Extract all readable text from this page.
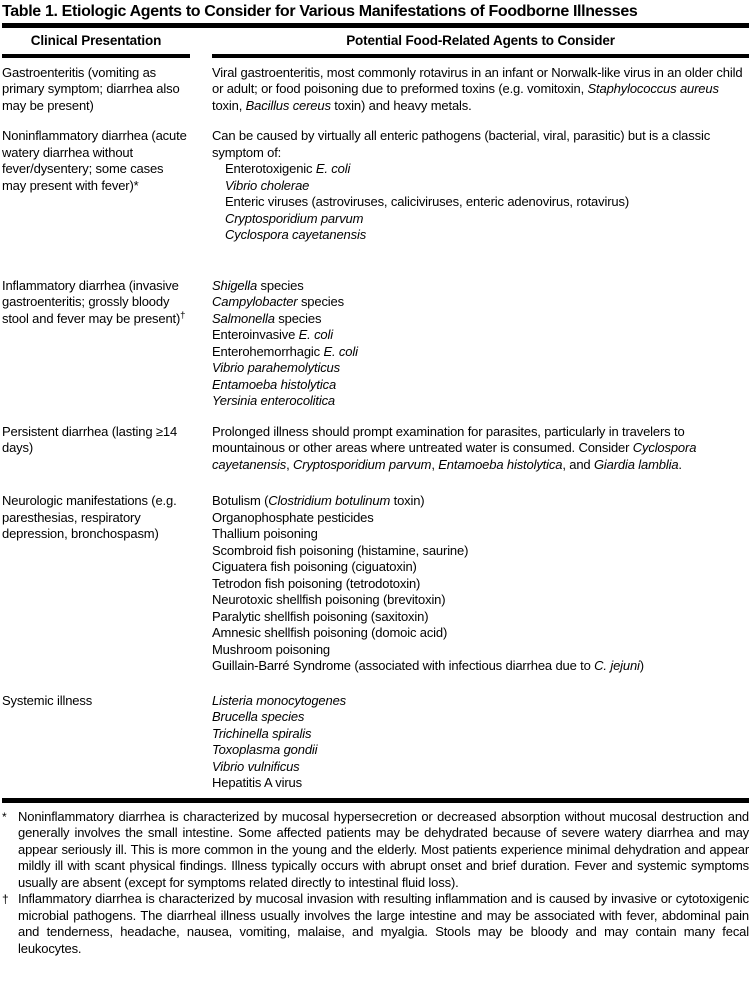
Table 1. Etiologic Agents to Consider for Various Manifestations of Foodborne Illnesses
Clinical Presentation	Potential Food-Related Agents to Consider
Gastroenteritis (vomiting as primary symptom; diarrhea also may be present)
Viral gastroenteritis, most commonly rotavirus in an infant or Norwalk-like virus in an older child or adult; or food poisoning due to preformed toxins (e.g. vomitoxin, Staphylococcus aureus toxin, Bacillus cereus toxin) and heavy metals.
Noninflammatory diarrhea (acute watery diarrhea without fever/dysentery; some cases may present with fever)*
Can be caused by virtually all enteric pathogens (bacterial, viral, parasitic) but is a classic symptom of:
Enterotoxigenic E. coli
Vibrio cholerae
Enteric viruses (astroviruses, caliciviruses, enteric adenovirus, rotavirus)
Cryptosporidium parvum
Cyclospora cayetanensis
Inflammatory diarrhea (invasive gastroenteritis; grossly bloody stool and fever may be present)†
Shigella species
Campylobacter species
Salmonella species
Enteroinvasive E. coli
Enterohemorrhagic E. coli
Vibrio parahemolyticus
Entamoeba histolytica
Yersinia enterocolitica
Persistent diarrhea (lasting ≥14 days)
Prolonged illness should prompt examination for parasites, particularly in travelers to mountainous or other areas where untreated water is consumed. Consider Cyclospora cayetanensis, Cryptosporidium parvum, Entamoeba histolytica, and Giardia lamblia.
Neurologic manifestations (e.g. paresthesias, respiratory depression, bronchospasm)
Botulism (Clostridium botulinum toxin)
Organophosphate pesticides
Thallium poisoning
Scombroid fish poisoning (histamine, saurine)
Ciguatera fish poisoning (ciguatoxin)
Tetrodon fish poisoning (tetrodotoxin)
Neurotoxic shellfish poisoning (brevitoxin)
Paralytic shellfish poisoning (saxitoxin)
Amnesic shellfish poisoning (domoic acid)
Mushroom poisoning
Guillain-Barré Syndrome (associated with infectious diarrhea due to C. jejuni)
Systemic illness	Listeria monocytogenes
Brucella species
Trichinella spiralis
Toxoplasma gondii
Vibrio vulnificus
Hepatitis A virus
* Noninflammatory diarrhea is characterized by mucosal hypersecretion or decreased absorption without mucosal destruction and generally involves the small intestine. Some affected patients may be dehydrated because of severe watery diarrhea and may appear seriously ill. This is more common in the young and the elderly. Most patients experience minimal dehydration and appear mildly ill with scant physical findings. Illness typically occurs with abrupt onset and brief duration. Fever and systemic symptoms usually are absent (except for symptoms related directly to intestinal fluid loss).
† Inflammatory diarrhea is characterized by mucosal invasion with resulting inflammation and is caused by invasive or cytotoxigenic microbial pathogens. The diarrheal illness usually involves the large intestine and may be associated with fever, abdominal pain and tenderness, headache, nausea, vomiting, malaise, and myalgia. Stools may be bloody and may contain many fecal leukocytes.
